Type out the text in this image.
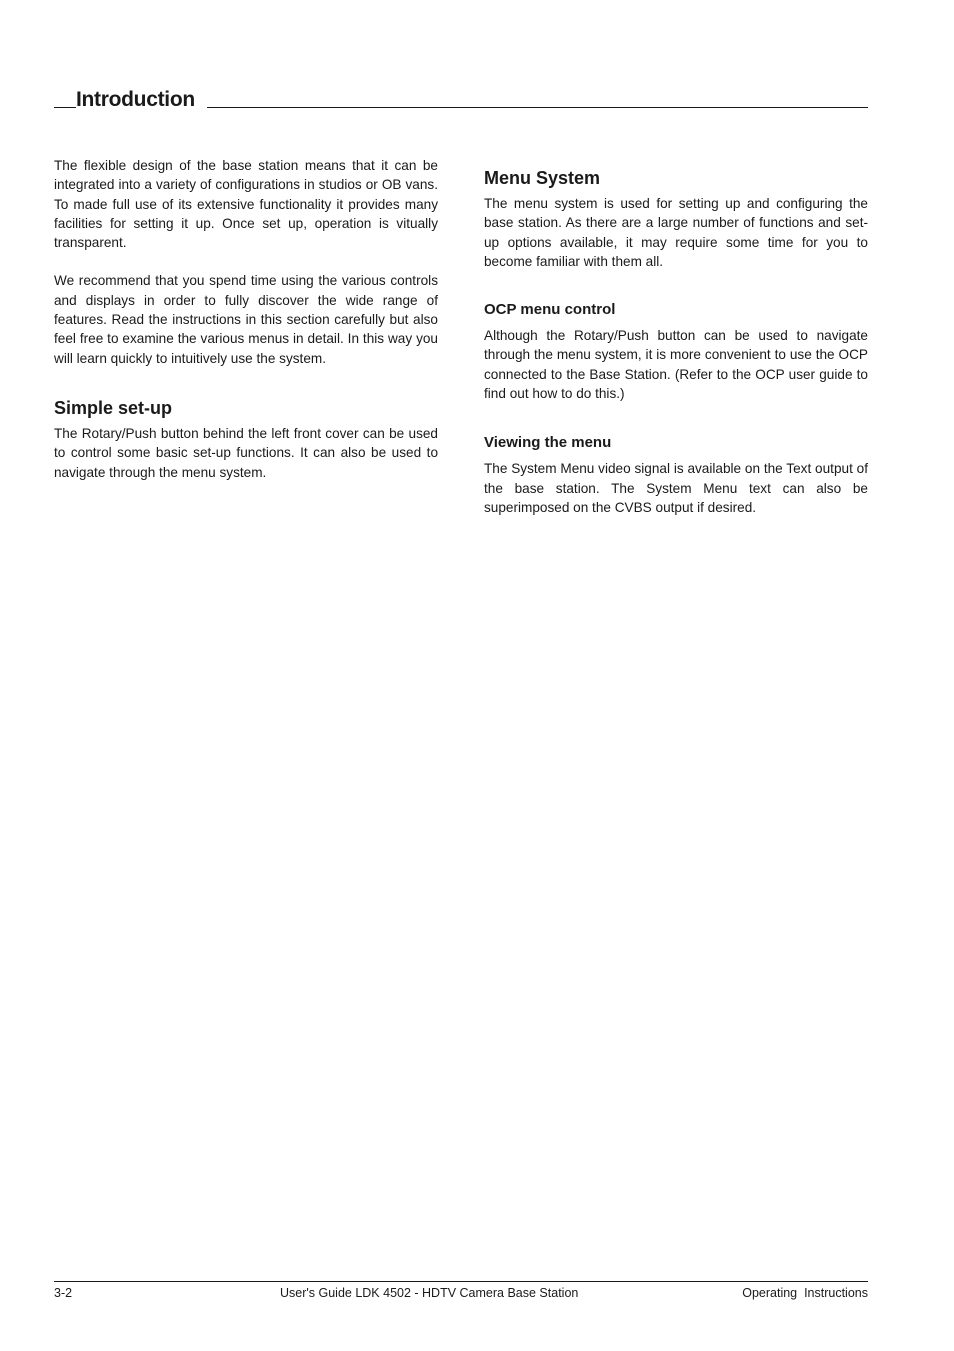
Introduction

The flexible design of the base station means that it can be integrated into a variety of configurations in studios or OB vans. To made full use of its extensive functionality it provides many facilities for setting it up. Once set up, operation is vitually transparent.

We recommend that you spend time using the various controls and displays in order to fully discover the wide range of features. Read the instructions in this section carefully but also feel free to examine the various menus in detail. In this way you will learn quickly to intuitively use the system.

Simple set-up

The Rotary/Push button behind the left front cover can be used to control some basic set-up functions. It can also be used to navigate through the menu system.

Menu System

The menu system is used for setting up and configuring the base station. As there are a large number of functions and set-up options available, it may require some time for you to become familiar with them all.

OCP menu control

Although the Rotary/Push button can be used to navigate through the menu system, it is more convenient to use the OCP connected to the Base Station. (Refer to the OCP user guide to find out how to do this.)

Viewing the menu

The System Menu video signal is available on the Text output of the base station. The System Menu text can also be superimposed on the CVBS output if desired.

3-2	User's Guide LDK 4502 - HDTV Camera Base Station	Operating  Instructions
